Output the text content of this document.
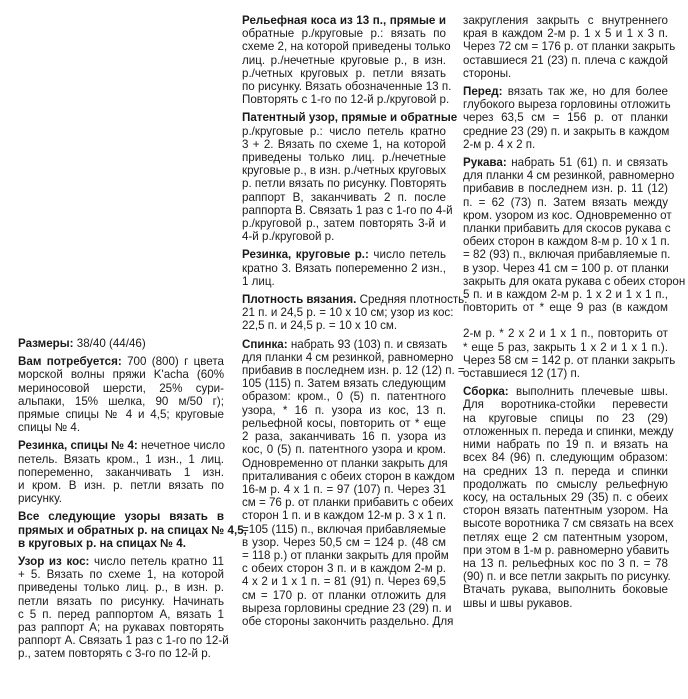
Размеры: 38/40 (44/46)
Вам потребуется: 700 (800) г цвета
морской волны пряжи K'acha (60%
мериносовой шерсти, 25% сури-
альпаки, 15% шелка, 90 м/50 г);
прямые спицы № 4 и 4,5; круговые
спицы № 4.
Резинка, спицы № 4: нечетное число
петель. Вязать кром., 1 изн., 1 лиц.
попеременно, заканчивать 1 изн.
и кром. В изн. р. петли вязать по
рисунку.
Все следующие узоры вязать в
прямых и обратных р. на спицах № 4,5,
в круговых р. на спицах № 4.
Узор из кос: число петель кратно 11
+ 5. Вязать по схеме 1, на которой
приведены только лиц. р., в изн. р.
петли вязать по рисунку. Начинать
с 5 п. перед раппортом А, вязать 1
раз раппорт А; на рукавах повторять
раппорт А. Связать 1 раз с 1-го по 12-й
р., затем повторять с 3-го по 12-й р.
Рельефная коса из 13 п., прямые и
обратные р./круговые р.: вязать по
схеме 2, на которой приведены только
лиц. р./нечетные круговые р., в изн.
р./четных круговых р. петли вязать
по рисунку. Вязать обозначенные 13 п.
Повторять с 1-го по 12-й р./круговой р.
Патентный узор, прямые и обратные
р./круговые р.: число петель кратно
3 + 2. Вязать по схеме 1, на которой
приведены только лиц. р./нечетные
круговые р., в изн. р./четных круговых
р. петли вязать по рисунку. Повторять
раппорт В, заканчивать 2 п. после
раппорта В. Связать 1 раз с 1-го по 4-й
р./круговой р., затем повторять 3-й и
4-й р./круговой р.
Резинка, круговые р.: число петель
кратно 3. Вязать попеременно 2 изн.,
1 лиц.
Плотность вязания. Средняя плотность:
21 п. и 24,5 р. = 10 х 10 см; узор из кос:
22,5 п. и 24,5 р. = 10 х 10 см.
Спинка: набрать 93 (103) п. и связать
для планки 4 см резинкой, равномерно
прибавив в последнем изн. р. 12 (12) п. =
105 (115) п. Затем вязать следующим
образом: кром., 0 (5) п. патентного
узора, * 16 п. узора из кос, 13 п.
рельефной косы, повторить от * еще
2 раза, заканчивать 16 п. узора из
кос, 0 (5) п. патентного узора и кром.
Одновременно от планки закрыть для
приталивания с обеих сторон в каждом
16-м р. 4 х 1 п. = 97 (107) п. Через 31
см = 76 р. от планки прибавить с обеих
сторон 1 п. и в каждом 12-м р. 3 х 1 п.
=105 (115) п., включая прибавляемые
в узор. Через 50,5 см = 124 р. (48 см
= 118 р.) от планки закрыть для пройм
с обеих сторон 3 п. и в каждом 2-м р.
4 х 2 и 1 х 1 п. = 81 (91) п. Через 69,5
см = 170 р. от планки отложить для
выреза горловины средние 23 (29) п. и
обе стороны закончить раздельно. Для
закругления закрыть с внутреннего
края в каждом 2-м р. 1 х 5 и 1 х 3 п.
Через 72 см = 176 р. от планки закрыть
оставшиеся 21 (23) п. плеча с каждой
стороны.
Перед: вязать так же, но для более
глубокого выреза горловины отложить
через 63,5 см = 156 р. от планки
средние 23 (29) п. и закрыть в каждом
2-м р. 4 х 2 п.
Рукава: набрать 51 (61) п. и связать
для планки 4 см резинкой, равномерно
прибавив в последнем изн. р. 11 (12)
п. = 62 (73) п. Затем вязать между
кром. узором из кос. Одновременно от
планки прибавить для скосов рукава с
обеих сторон в каждом 8-м р. 10 х 1 п.
= 82 (93) п., включая прибавляемые п.
в узор. Через 41 см = 100 р. от планки
закрыть для оката рукава с обеих сторон
5 п. и в каждом 2-м р. 1 х 2 и 1 х 1 п.,
повторить от * еще 9 раз (в каждом
2-м р. * 2 х 2 и 1 х 1 п., повторить от
* еще 5 раз, закрыть 1 х 2 и 1 х 1 п.).
Через 58 см = 142 р. от планки закрыть
оставшиеся 12 (17) п.
Сборка: выполнить плечевые швы.
Для воротника-стойки перевести
на круговые спицы по 23 (29)
отложенных п. переда и спинки, между
ними набрать по 19 п. и вязать на
всех 84 (96) п. следующим образом:
на средних 13 п. переда и спинки
продолжать по смыслу рельефную
косу, на остальных 29 (35) п. с обеих
сторон вязать патентным узором. На
высоте воротника 7 см связать на всех
петлях еще 2 см патентным узором,
при этом в 1-м р. равномерно убавить
на 13 п. рельефных кос по 3 п. = 78
(90) п. и все петли закрыть по рисунку.
Втачать рукава, выполнить боковые
швы и швы рукавов.
